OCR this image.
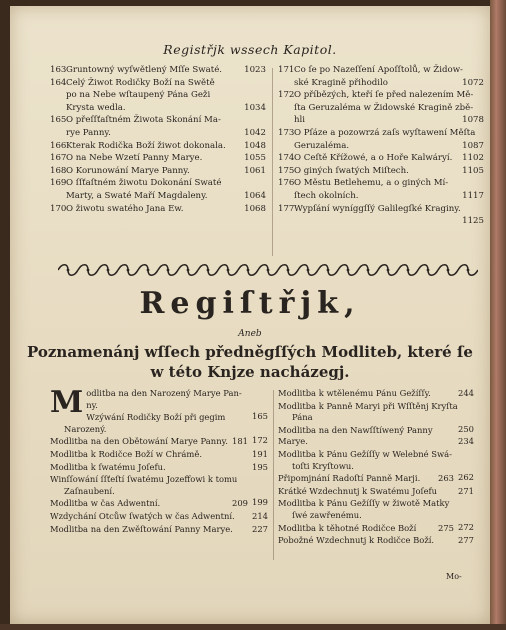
Registřjk wssech Kapitol.
163 Gruntowný wyſwětlený Mſſe Swaté.	1023
164 Celý Žiwot Rodičky Boží na Swětě
po na Nebe wſtaupený Pána Geži
Krysta wedla.	1034
165 O přeſſťaſtném Žiwota Skonání Ma-
rye Panny.	1042
166 Kterak Rodička Boží žiwot dokonala.	1048
167 O na Nebe Wzetí Panny Marye.	1055
168 O Korunowání Marye Panny.	1061
169 O ſſťaſtném žiwotu Dokonání Swaté
Marty, a Swaté Maří Magdaleny.	1064
170 O žiwotu swatého Jana Ew.	1068
171 Co ſe po Nazeſſení Apoſſtolů, w Židow-
ské Kragině přihodilo	1072
172 O příbězých, kteří ſe před nalezením Mě-
ſta Geruzaléma w Židowské Kragině zbě-
hli	1078
173 O Pſáze a pozowrzá zaſs wyſtawení Měſta
Geruzaléma.	1087
174 O Ceſtě Křížowé, a o Hoře Kalwáryí.	1102
175 O giných ſwatých Miſtech.	1105
176 O Městu Betlehemu, a o giných Mí-
ſtech okolních.	1117
177 Wypſání wyníggſſý Galilegſké Kraginy.
1125
Regiſtřjk,
Aneb
Poznamenánj wſſech předněgſſých Modliteb, které ſe
w této Knjze nacházegj.
Modlitba na den Narozený Marye Pan-

ny.
165
Wzýwání Rodičky Boží při gegim

Narozený.
172
Modlitba na den Obětowání Marye Panny. 181
Modlitba k Rodičce Boží w Chrámě.	191
Modlitba k ſwatému Joſefu.	195
Winſſowání ſſťeſtí ſwatému Jozeffowi k tomu

Zaſnaubení.
199
Modlitba w čas Adwentní.	209
Wzdychání Otcůw ſwatých w čas Adwentní.	214
Modlitba na den Zwěſtowání Panny Marye.	227
Modlitba k wtělenému Pánu Gežíſſy.	244
Modlitba k Panně Maryi při Wſſtěnj Kryſta

Pána
250
Modlitba na den Nawſſtíwený Panny Marye.	234
Modlitba k Pánu Gežíſſy w Welebné Swá-

toſti Kryſtowu.
262
Připomjnání Radoſtí Panně Marji.	263
Krátké Wzdechnutj k Swatému Joſefu	271
Modlitba k Pánu Gežíſſy w žiwotě Matky

ſwé zawřenému.
272
Modlitba k těhotné Rodičce Boží	275
Pobožné Wzdechnutj k Rodičce Boží.	277
Mo-
